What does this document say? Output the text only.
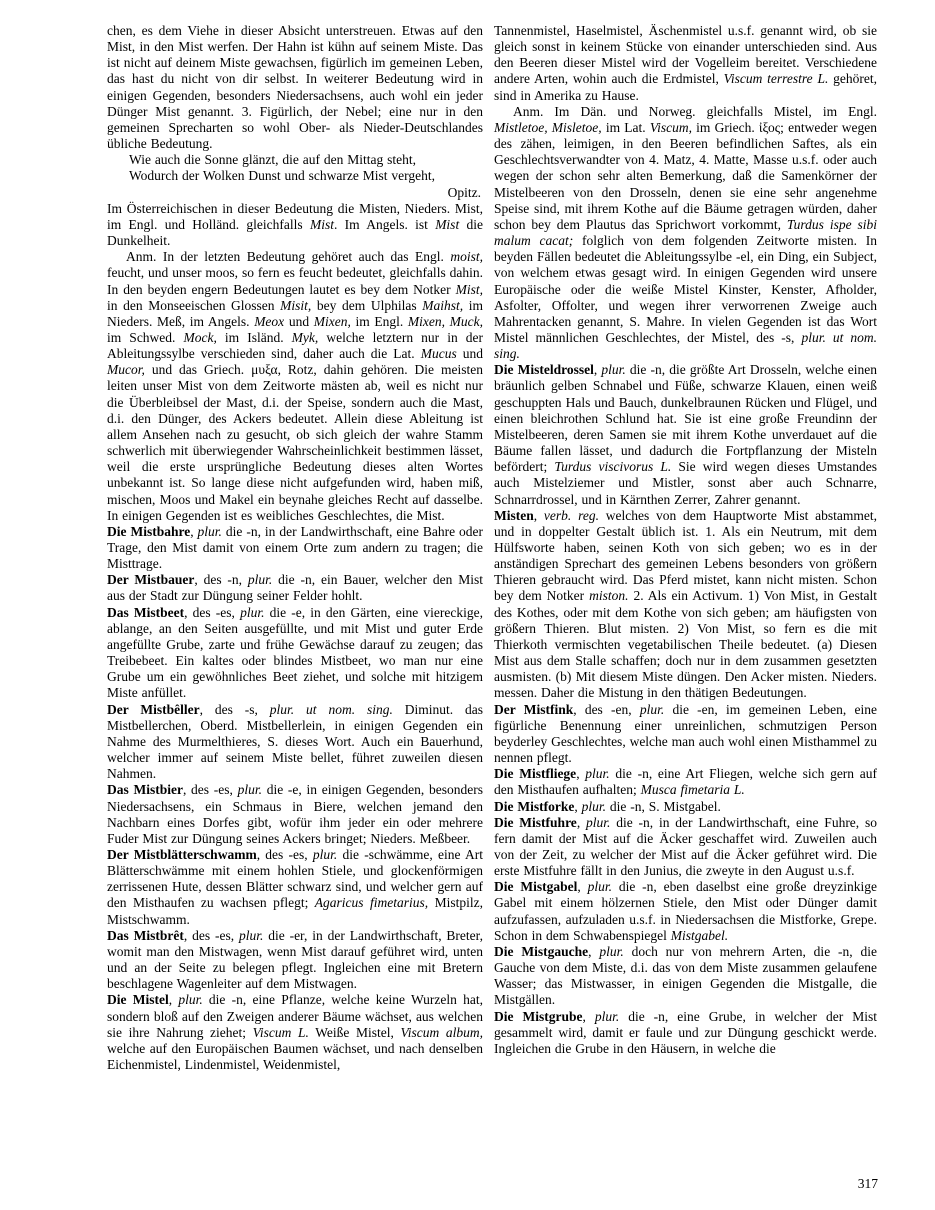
chen, es dem Viehe in dieser Absicht unterstreuen. Etwas auf den Mist, in den Mist werfen. Der Hahn ist kühn auf seinem Miste. Das ist nicht auf deinem Miste gewachsen, figürlich im gemeinen Leben, das hast du nicht von dir selbst. In weiterer Bedeutung wird in einigen Gegenden, besonders Niedersachsens, auch wohl ein jeder Dünger Mist genannt. 3. Figürlich, der Nebel; eine nur in den gemeinen Sprecharten so wohl Ober- als Nieder-Deutschlandes übliche Bedeutung.

Wie auch die Sonne glänzt, die auf den Mittag steht,

Wodurch der Wolken Dunst und schwarze Mist vergeht,

Opitz.

Im Österreichischen in dieser Bedeutung die Misten, Nieders. Mist, im Engl. und Holländ. gleichfalls Mist. Im Angels. ist Mist die Dunkelheit.

Anm. In der letzten Bedeutung gehöret auch das Engl. moist, feucht, und unser moos, so fern es feucht bedeutet, gleichfalls dahin. In den beyden engern Bedeutungen lautet es bey dem Notker Mist, in den Monseeischen Glossen Misit, bey dem Ulphilas Maihst, im Nieders. Meß, im Angels. Meox und Mixen, im Engl. Mixen, Muck, im Schwed. Mock, im Isländ. Myk, welche letztern nur in der Ableitungssylbe verschieden sind, daher auch die Lat. Mucus und Mucor, und das Griech. μυξα, Rotz, dahin gehören. Die meisten leiten unser Mist von dem Zeitworte mästen ab, weil es nicht nur die Überbleibsel der Mast, d.i. der Speise, sondern auch die Mast, d.i. den Dünger, des Ackers bedeutet. Allein diese Ableitung ist allem Ansehen nach zu gesucht, ob sich gleich der wahre Stamm schwerlich mit überwiegender Wahrscheinlichkeit bestimmen lässet, weil die erste ursprüngliche Bedeutung dieses alten Wortes unbekannt ist. So lange diese nicht aufgefunden wird, haben miß, mischen, Moos und Makel ein beynahe gleiches Recht auf dasselbe. In einigen Gegenden ist es weibliches Geschlechtes, die Mist.

Die Mistbahre, plur. die -n, in der Landwirthschaft, eine Bahre oder Trage, den Mist damit von einem Orte zum andern zu tragen; die Misttrage.

Der Mistbauer, des -n, plur. die -n, ein Bauer, welcher den Mist aus der Stadt zur Düngung seiner Felder hohlt.

Das Mistbeet, des -es, plur. die -e, in den Gärten, eine viereckige, ablange, an den Seiten ausgefüllte, und mit Mist und guter Erde angefüllte Grube, zarte und frühe Gewächse darauf zu zeugen; das Treibebeet. Ein kaltes oder blindes Mistbeet, wo man nur eine Grube um ein gewöhnliches Beet ziehet, und solche mit hitzigem Miste anfüllet.

Der Mistbêller, des -s, plur. ut nom. sing. Diminut. das Mistbellerchen, Oberd. Mistbellerlein, in einigen Gegenden ein Nahme des Murmelthieres, S. dieses Wort. Auch ein Bauerhund, welcher immer auf seinem Miste bellet, führet zuweilen diesen Nahmen.

Das Mistbier, des -es, plur. die -e, in einigen Gegenden, besonders Niedersachsens, ein Schmaus in Biere, welchen jemand den Nachbarn eines Dorfes gibt, wofür ihm jeder ein oder mehrere Fuder Mist zur Düngung seines Ackers bringet; Nieders. Meßbeer.

Der Mistblätterschwamm, des -es, plur. die -schwämme, eine Art Blätterschwämme mit einem hohlen Stiele, und glockenförmigen zerrissenen Hute, dessen Blätter schwarz sind, und welcher gern auf den Misthaufen zu wachsen pflegt; Agaricus fimetarius, Mistpilz, Mistschwamm.

Das Mistbrêt, des -es, plur. die -er, in der Landwirthschaft, Breter, womit man den Mistwagen, wenn Mist darauf geführet wird, unten und an der Seite zu belegen pflegt. Ingleichen eine mit Bretern beschlagene Wagenleiter auf dem Mistwagen.

Die Mistel, plur. die -n, eine Pflanze, welche keine Wurzeln hat, sondern bloß auf den Zweigen anderer Bäume wächset, aus welchen sie ihre Nahrung ziehet; Viscum L. Weiße Mistel, Viscum album, welche auf den Europäischen Baumen wächset, und nach denselben Eichenmistel, Lindenmistel, Weidenmistel,

Tannenmistel, Haselmistel, Äschenmistel u.s.f. genannt wird, ob sie gleich sonst in keinem Stücke von einander unterschieden sind. Aus den Beeren dieser Mistel wird der Vogelleim bereitet. Verschiedene andere Arten, wohin auch die Erdmistel, Viscum terrestre L. gehöret, sind in Amerika zu Hause.

Anm. Im Dän. und Norweg. gleichfalls Mistel, im Engl. Mistletoe, Misletoe, im Lat. Viscum, im Griech. ἰξος; entweder wegen des zähen, leimigen, in den Beeren befindlichen Saftes, als ein Geschlechtsverwandter von 4. Matz, 4. Matte, Masse u.s.f. oder auch wegen der schon sehr alten Bemerkung, daß die Samenkörner der Mistelbeeren von den Drosseln, denen sie eine sehr angenehme Speise sind, mit ihrem Kothe auf die Bäume getragen würden, daher schon bey dem Plautus das Sprichwort vorkommt, Turdus ispe sibi malum cacat; folglich von dem folgenden Zeitworte misten. In beyden Fällen bedeutet die Ableitungssylbe -el, ein Ding, ein Subject, von welchem etwas gesagt wird. In einigen Gegenden wird unsere Europäische oder die weiße Mistel Kinster, Kenster, Afholder, Asfolter, Offolter, und wegen ihrer verworrenen Zweige auch Mahrentacken genannt, S. Mahre. In vielen Gegenden ist das Wort Mistel männlichen Geschlechtes, der Mistel, des -s, plur. ut nom. sing.

Die Misteldrossel, plur. die -n, die größte Art Drosseln, welche einen bräunlich gelben Schnabel und Füße, schwarze Klauen, einen weiß geschuppten Hals und Bauch, dunkelbraunen Rücken und Flügel, und einen bleichrothen Schlund hat. Sie ist eine große Freundinn der Mistelbeeren, deren Samen sie mit ihrem Kothe unverdauet auf die Bäume fallen lässet, und dadurch die Fortpflanzung der Misteln befördert; Turdus viscivorus L. Sie wird wegen dieses Umstandes auch Mistelziemer und Mistler, sonst aber auch Schnarre, Schnarrdrossel, und in Kärnthen Zerrer, Zahrer genannt.

Misten, verb. reg. welches von dem Hauptworte Mist abstammet, und in doppelter Gestalt üblich ist. 1. Als ein Neutrum, mit dem Hülfsworte haben, seinen Koth von sich geben; wo es in der anständigen Sprechart des gemeinen Lebens besonders von größern Thieren gebraucht wird. Das Pferd mistet, kann nicht misten. Schon bey dem Notker miston. 2. Als ein Activum. 1) Von Mist, in Gestalt des Kothes, oder mit dem Kothe von sich geben; am häufigsten von größern Thieren. Blut misten. 2) Von Mist, so fern es die mit Thierkoth vermischten vegetabilischen Theile bedeutet. (a) Diesen Mist aus dem Stalle schaffen; doch nur in dem zusammen gesetzten ausmisten. (b) Mit diesem Miste düngen. Den Acker misten. Nieders. messen. Daher die Mistung in den thätigen Bedeutungen.

Der Mistfink, des -en, plur. die -en, im gemeinen Leben, eine figürliche Benennung einer unreinlichen, schmutzigen Person beyderley Geschlechtes, welche man auch wohl einen Misthammel zu nennen pflegt.

Die Mistfliege, plur. die -n, eine Art Fliegen, welche sich gern auf den Misthaufen aufhalten; Musca fimetaria L.

Die Mistforke, plur. die -n, S. Mistgabel.

Die Mistfuhre, plur. die -n, in der Landwirthschaft, eine Fuhre, so fern damit der Mist auf die Äcker geschaffet wird. Zuweilen auch von der Zeit, zu welcher der Mist auf die Äcker geführet wird. Die erste Mistfuhre fällt in den Junius, die zweyte in den August u.s.f.

Die Mistgabel, plur. die -n, eben daselbst eine große dreyzinkige Gabel mit einem hölzernen Stiele, den Mist oder Dünger damit aufzufassen, aufzuladen u.s.f. in Niedersachsen die Mistforke, Grepe. Schon in dem Schwabenspiegel Mistgabel.

Die Mistgauche, plur. doch nur von mehrern Arten, die -n, die Gauche von dem Miste, d.i. das von dem Miste zusammen gelaufene Wasser; das Mistwasser, in einigen Gegenden die Mistgalle, die Mistgällen.

Die Mistgrube, plur. die -n, eine Grube, in welcher der Mist gesammelt wird, damit er faule und zur Düngung geschickt werde. Ingleichen die Grube in den Häusern, in welche die

317
